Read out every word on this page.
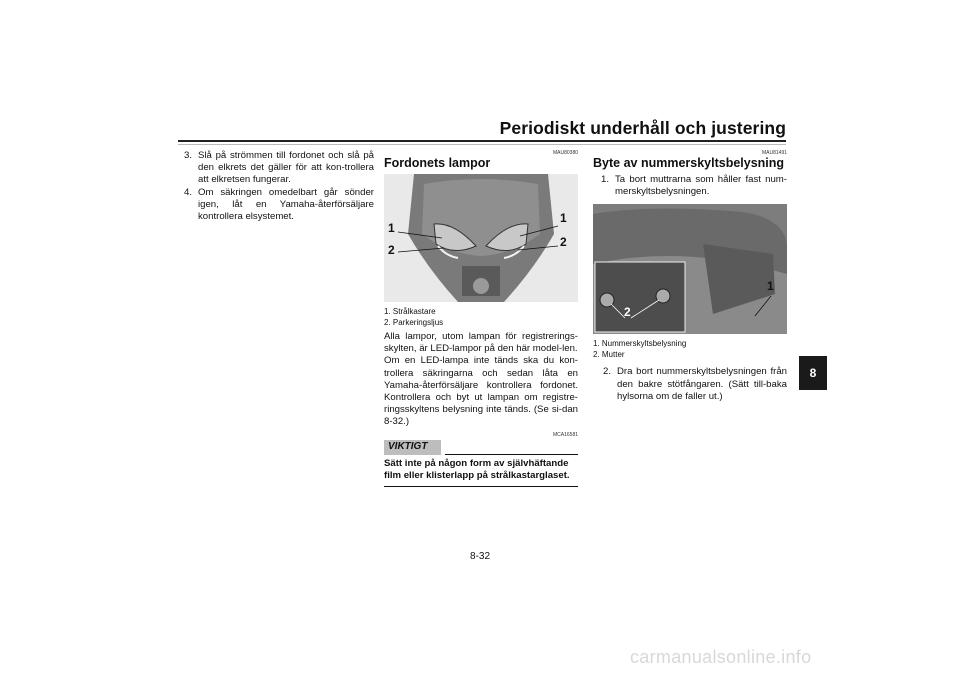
Periodiskt underhåll och justering
8
3. Slå på strömmen till fordonet och slå på den elkrets det gäller för att kon-trollera att elkretsen fungerar.
4. Om säkringen omedelbart går sönder igen, låt en Yamaha-återförsäljare kontrollera elsystemet.
MAU80380
Fordonets lampor
1
2
1
2
1. Strålkastare
2. Parkeringsljus
Alla lampor, utom lampan för registrerings-skylten, är LED-lampor på den här model-len.
Om en LED-lampa inte tänds ska du kon-trollera säkringarna och sedan låta en Yamaha-återförsäljare kontrollera fordonet. Kontrollera och byt ut lampan om registre-ringsskyltens belysning inte tänds. (Se si-dan 8-32.)
MCA16581
VIKTIGT
Sätt inte på någon form av självhäftande film eller klisterlapp på strålkastarglaset.
MAU81491
Byte av nummerskyltsbelysning
1. Ta bort muttrarna som håller fast num-merskyltsbelysningen.
1
2
1. Nummerskyltsbelysning
2. Mutter
2. Dra bort nummerskyltsbelysningen från den bakre stötfångaren. (Sätt till-baka hylsorna om de faller ut.)
8-32
carmanualsonline.info
